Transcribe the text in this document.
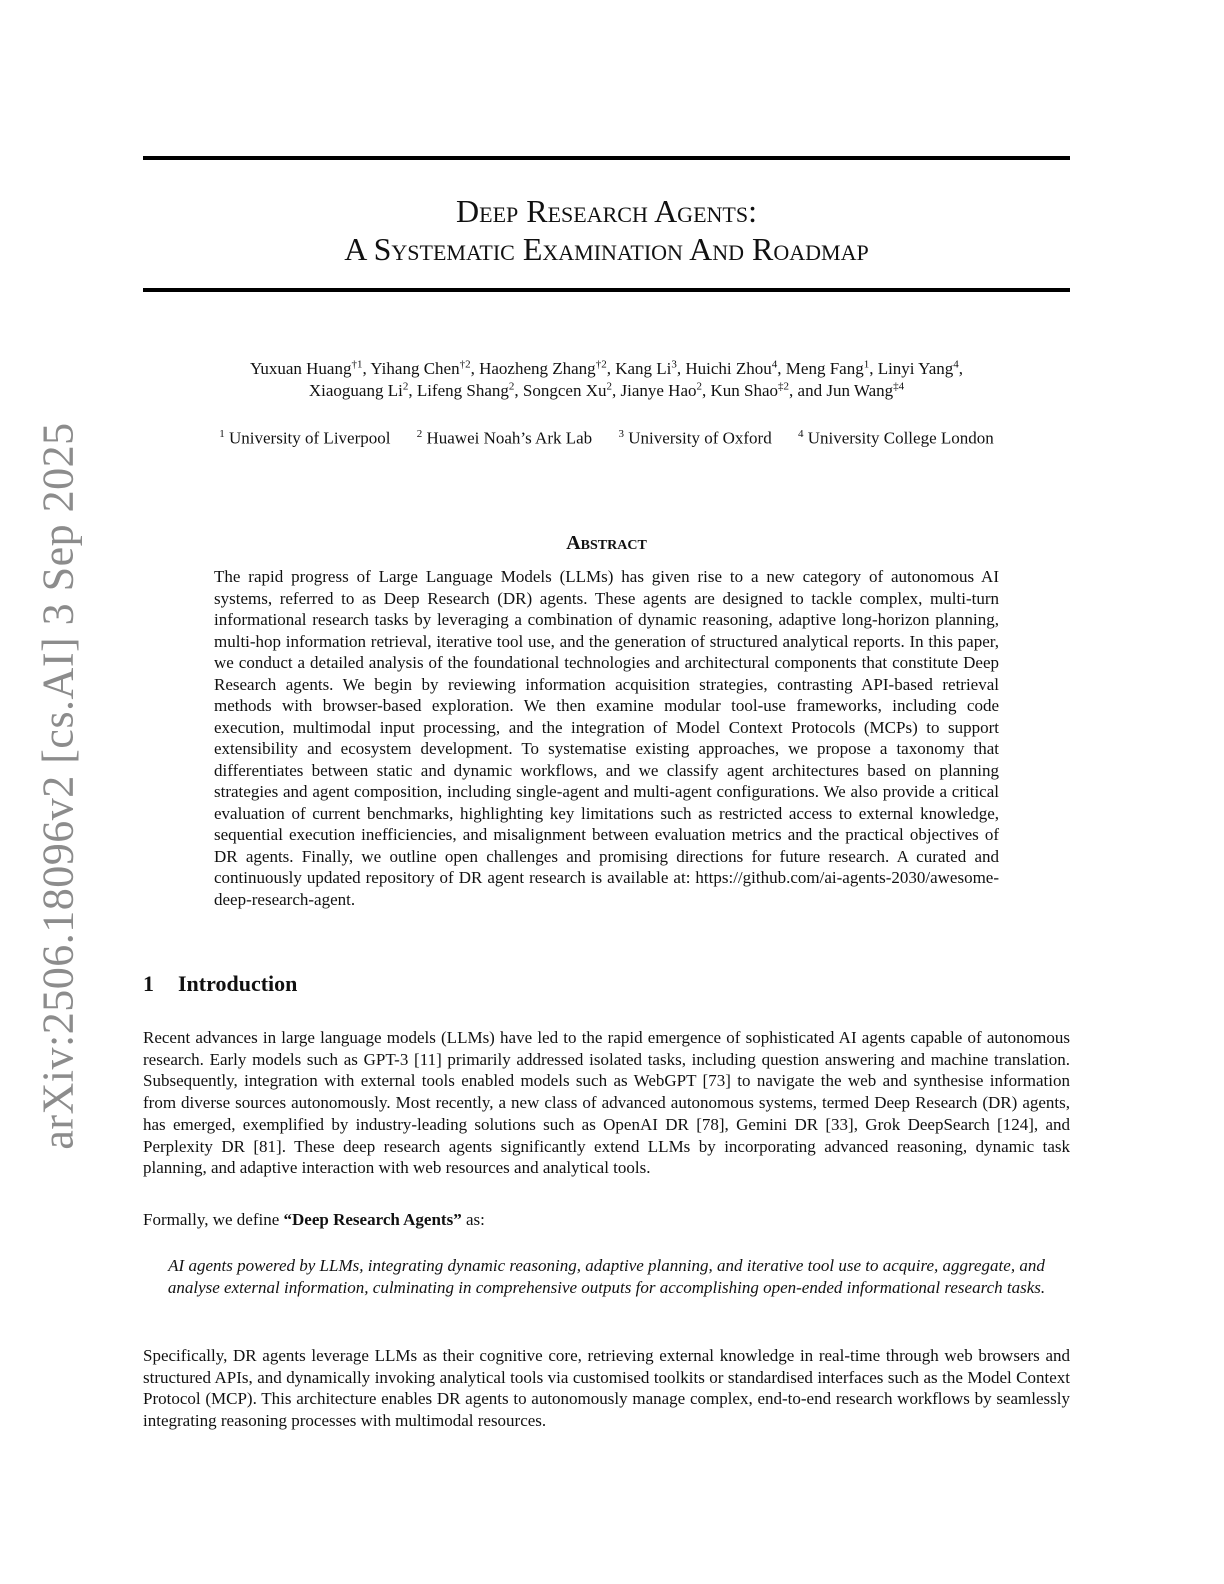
arXiv:2506.18096v2 [cs.AI] 3 Sep 2025
Deep Research Agents:
A Systematic Examination And Roadmap
Yuxuan Huang$^{\dagger 1}$, Yihang Chen$^{\dagger 2}$, Haozheng Zhang$^{\dagger 2}$, Kang Li$^3$, Huichi Zhou$^4$, Meng Fang$^1$, Linyi Yang$^4$,
Xiaoguang Li$^2$, Lifeng Shang$^2$, Songcen Xu$^2$, Jianye Hao$^2$, Kun Shao$^{\ddagger 2}$, and Jun Wang$^{\ddagger 4}$
$^1$ University of Liverpool $^2$ Huawei Noah’s Ark Lab $^3$ University of Oxford $^4$ University College London
Abstract
The rapid progress of Large Language Models (LLMs) has given rise to a new category of autonomous AI systems, referred to as Deep Research (DR) agents. These agents are designed to tackle complex, multi-turn informational research tasks by leveraging a combination of dynamic reasoning, adaptive long-horizon planning, multi-hop information retrieval, iterative tool use, and the generation of structured analytical reports. In this paper, we conduct a detailed analysis of the foundational technologies and architectural components that constitute Deep Research agents. We begin by reviewing information acquisition strategies, contrasting API-based retrieval methods with browser-based exploration. We then examine modular tool-use frameworks, including code execution, multimodal input processing, and the integration of Model Context Protocols (MCPs) to support extensibility and ecosystem development. To systematise existing approaches, we propose a taxonomy that differentiates between static and dynamic workflows, and we classify agent architectures based on planning strategies and agent composition, including single-agent and multi-agent configurations. We also provide a critical evaluation of current benchmarks, highlighting key limitations such as restricted access to external knowledge, sequential execution inefficiencies, and misalignment between evaluation metrics and the practical objectives of DR agents. Finally, we outline open challenges and promising directions for future research. A curated and continuously updated repository of DR agent research is available at: https://github.com/ai-agents-2030/awesome-deep-research-agent.
1 Introduction
Recent advances in large language models (LLMs) have led to the rapid emergence of sophisticated AI agents capable of autonomous research. Early models such as GPT-3 [11] primarily addressed isolated tasks, including question answering and machine translation. Subsequently, integration with external tools enabled models such as WebGPT [73] to navigate the web and synthesise information from diverse sources autonomously. Most recently, a new class of advanced autonomous systems, termed Deep Research (DR) agents, has emerged, exemplified by industry-leading solutions such as OpenAI DR [78], Gemini DR [33], Grok DeepSearch [124], and Perplexity DR [81]. These deep research agents significantly extend LLMs by incorporating advanced reasoning, dynamic task planning, and adaptive interaction with web resources and analytical tools.
Formally, we define “Deep Research Agents” as:
AI agents powered by LLMs, integrating dynamic reasoning, adaptive planning, and iterative tool use to acquire, aggregate, and analyse external information, culminating in comprehensive outputs for accomplishing open-ended informational research tasks.
Specifically, DR agents leverage LLMs as their cognitive core, retrieving external knowledge in real-time through web browsers and structured APIs, and dynamically invoking analytical tools via customised toolkits or standardised interfaces such as the Model Context Protocol (MCP). This architecture enables DR agents to autonomously manage complex, end-to-end research workflows by seamlessly integrating reasoning processes with multimodal resources.
